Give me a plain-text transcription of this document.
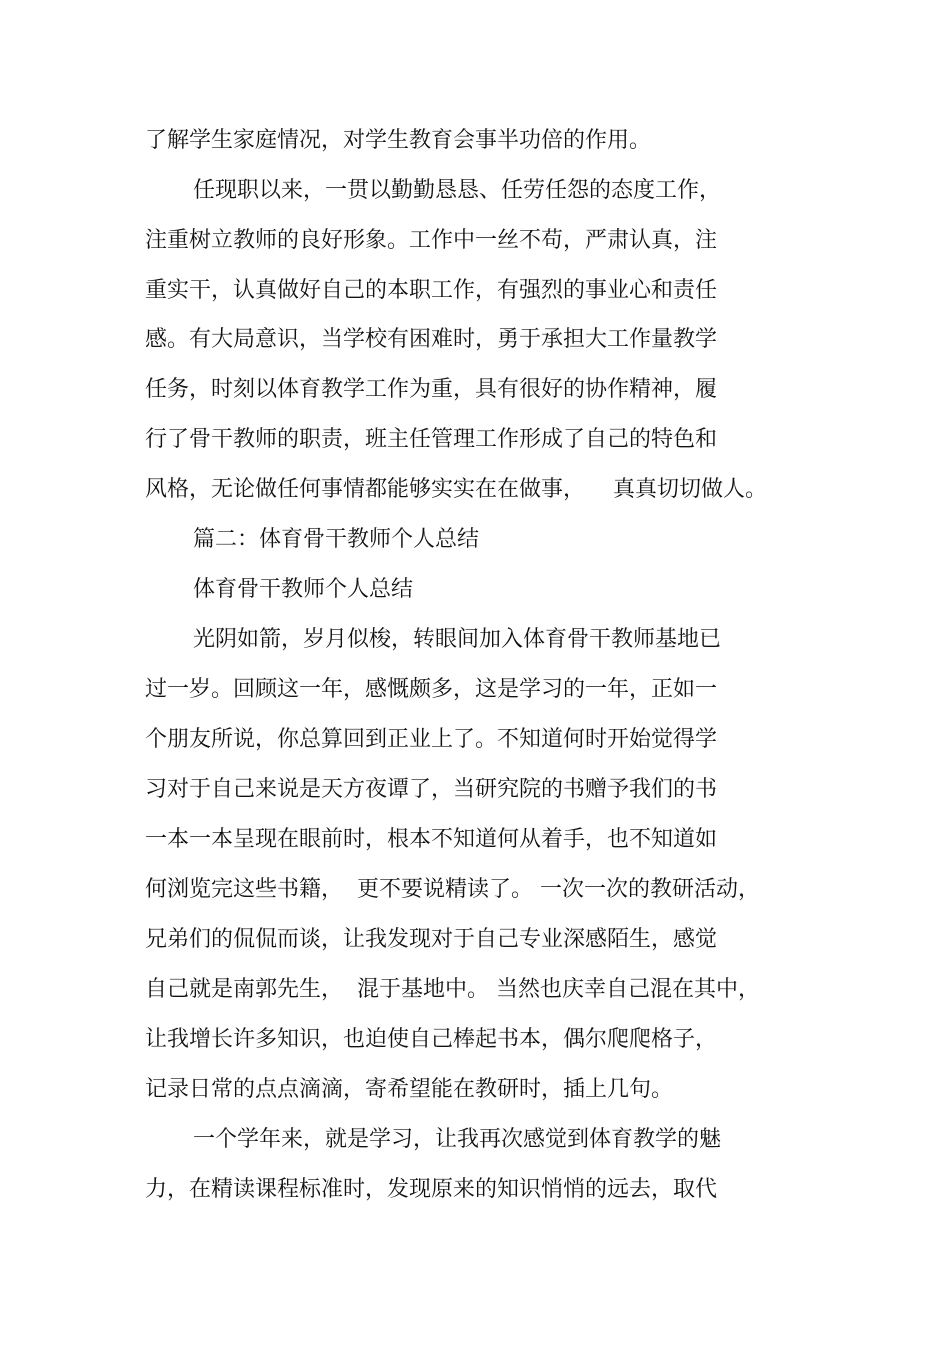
了解学生家庭情况，对学生教育会事半功倍的作用。
任现职以来，一贯以勤勤恳恳、任劳任怨的态度工作，
注重树立教师的良好形象。工作中一丝不苟，严肃认真，注
重实干，认真做好自己的本职工作，有强烈的事业心和责任
感。有大局意识，当学校有困难时，勇于承担大工作量教学
任务，时刻以体育教学工作为重，具有很好的协作精神，履
行了骨干教师的职责，班主任管理工作形成了自己的特色和
风格，无论做任何事情都能够实实在在做事，    真真切切做人。
篇二：体育骨干教师个人总结
体育骨干教师个人总结
光阴如箭，岁月似梭，转眼间加入体育骨干教师基地已
过一岁。回顾这一年，感慨颇多，这是学习的一年，正如一
个朋友所说，你总算回到正业上了。不知道何时开始觉得学
习对于自己来说是天方夜谭了，当研究院的书赠予我们的书
一本一本呈现在眼前时，根本不知道何从着手，也不知道如
何浏览完这些书籍，  更不要说精读了。 一次一次的教研活动，
兄弟们的侃侃而谈，让我发现对于自己专业深感陌生，感觉
自己就是南郭先生，  混于基地中。 当然也庆幸自己混在其中，
让我增长许多知识，也迫使自己棒起书本，偶尔爬爬格子，
记录日常的点点滴滴，寄希望能在教研时，插上几句。
一个学年来，就是学习，让我再次感觉到体育教学的魅
力，在精读课程标准时，发现原来的知识悄悄的远去，取代
